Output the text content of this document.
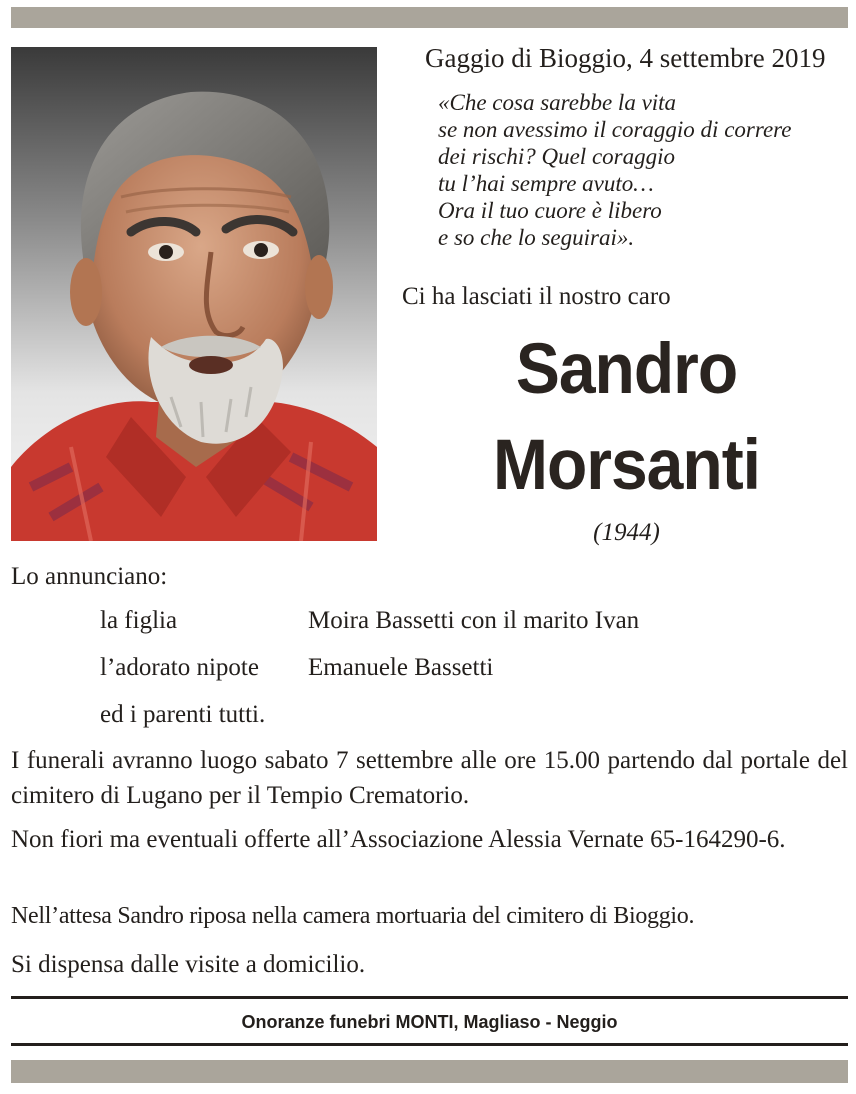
Gaggio di Bioggio, 4 settembre 2019
«Che cosa sarebbe la vita
se non avessimo il coraggio di correre
dei rischi? Quel coraggio
tu l’hai sempre avuto…
Ora il tuo cuore è libero
e so che lo seguirai».
Ci ha lasciati il nostro caro
Sandro
Morsanti
(1944)
Lo annunciano:
la figlia	Moira Bassetti con il marito Ivan
l’adorato nipote Emanuele Bassetti
ed i parenti tutti.
I funerali avranno luogo sabato 7 settembre alle ore 15.00 partendo dal portale del cimitero di Lugano per il Tempio Crematorio.
Non fiori ma eventuali offerte all’Associazione Alessia Vernate 65-164290-6.
Nell’attesa Sandro riposa nella camera mortuaria del cimitero di Bioggio.
Si dispensa dalle visite a domicilio.
Onoranze funebri MONTI, Magliaso - Neggio
